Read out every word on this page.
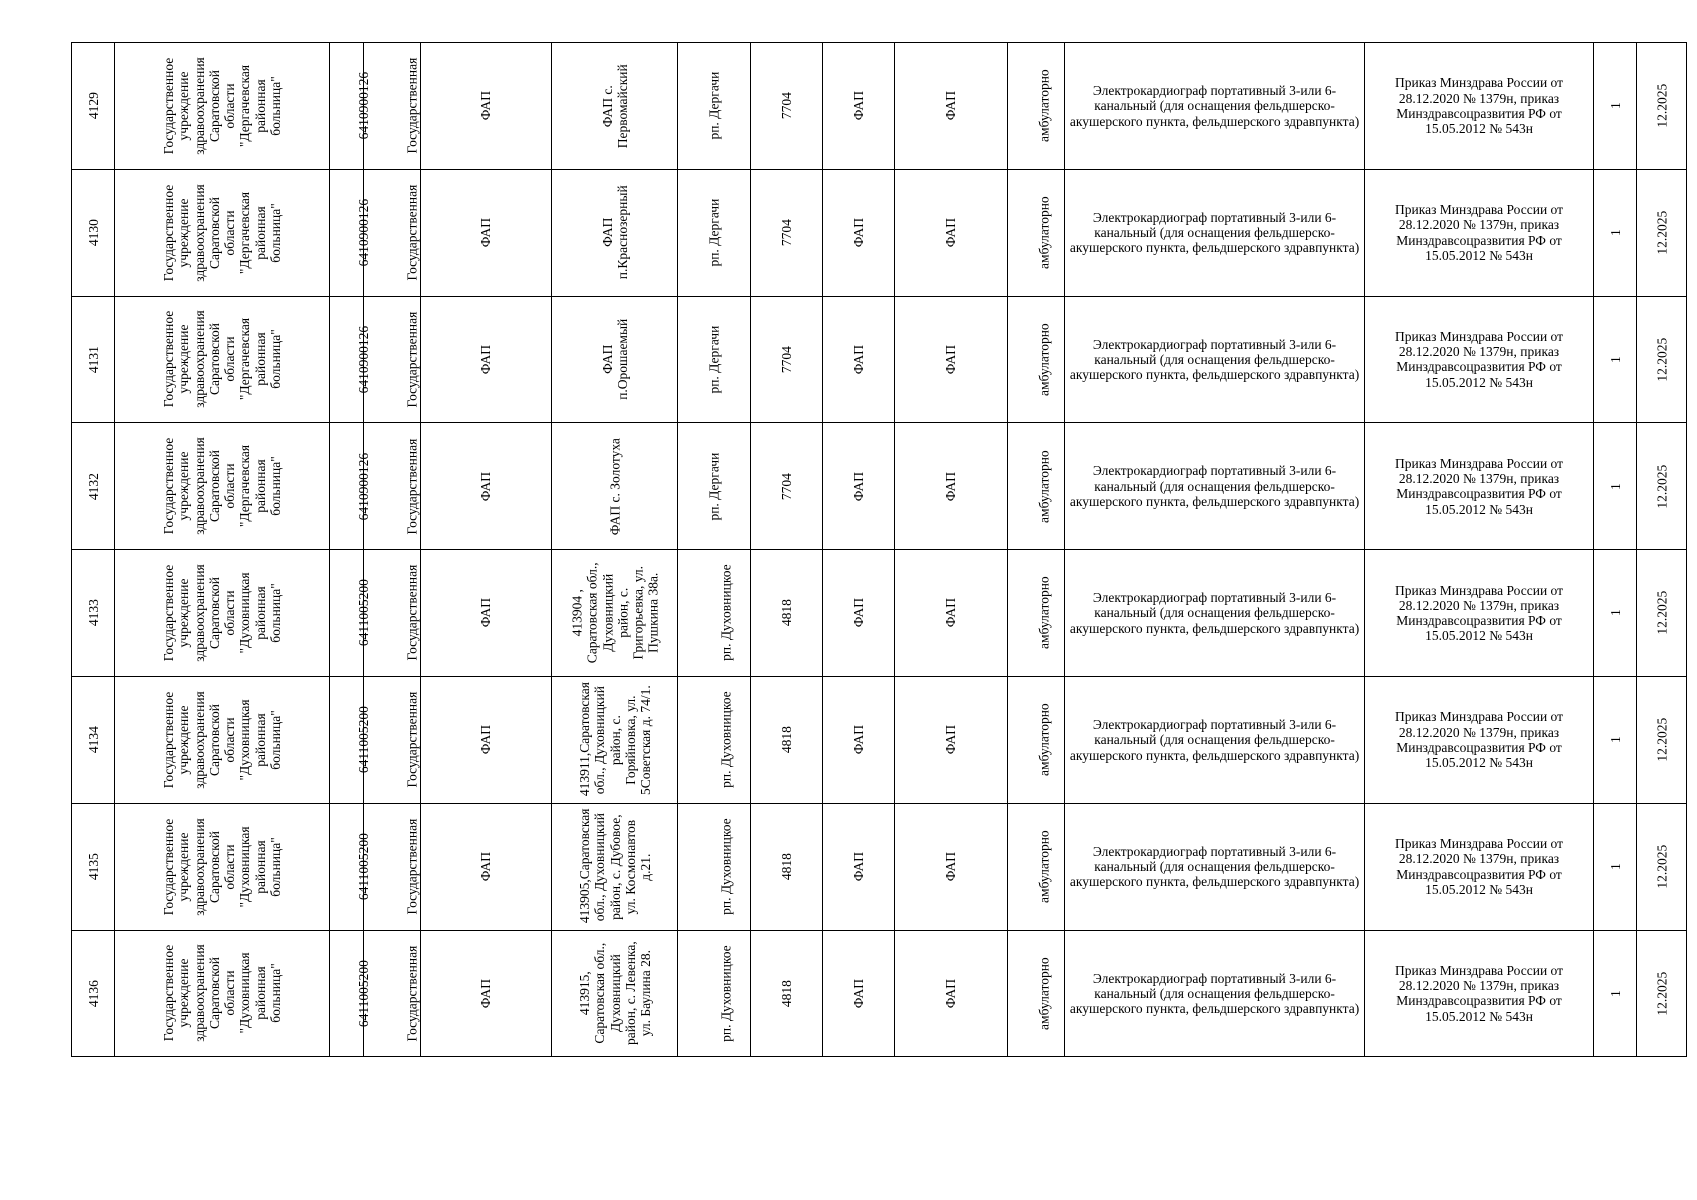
4129	Государственное учреждение здравоохранения Саратовской области "Дергачевская районная больница"	6410900126	Государственная	ФАП	ФАП с. Первомайский	рп. Дергачи	7704	ФАП	ФАП	амбулаторно	Электрокардиограф портативный 3-или 6-канальный (для оснащения фельдшерско-акушерского пункта, фельдшерского здравпункта)	Приказ Минздрава России от 28.12.2020 № 1379н, приказ Минздравсоцразвития РФ от 15.05.2012 № 543н	1	12.2025
4130	Государственное учреждение здравоохранения Саратовской области "Дергачевская районная больница"	6410900126	Государственная	ФАП	ФАП п.Краснозерный	рп. Дергачи	7704	ФАП	ФАП	амбулаторно	Электрокардиограф портативный 3-или 6-канальный (для оснащения фельдшерско-акушерского пункта, фельдшерского здравпункта)	Приказ Минздрава России от 28.12.2020 № 1379н, приказ Минздравсоцразвития РФ от 15.05.2012 № 543н	1	12.2025
4131	Государственное учреждение здравоохранения Саратовской области "Дергачевская районная больница"	6410900126	Государственная	ФАП	ФАП п.Орошаемый	рп. Дергачи	7704	ФАП	ФАП	амбулаторно	Электрокардиограф портативный 3-или 6-канальный (для оснащения фельдшерско-акушерского пункта, фельдшерского здравпункта)	Приказ Минздрава России от 28.12.2020 № 1379н, приказ Минздравсоцразвития РФ от 15.05.2012 № 543н	1	12.2025
4132	Государственное учреждение здравоохранения Саратовской области "Дергачевская районная больница"	6410900126	Государственная	ФАП	ФАП с. Золотуха	рп. Дергачи	7704	ФАП	ФАП	амбулаторно	Электрокардиограф портативный 3-или 6-канальный (для оснащения фельдшерско-акушерского пункта, фельдшерского здравпункта)	Приказ Минздрава России от 28.12.2020 № 1379н, приказ Минздравсоцразвития РФ от 15.05.2012 № 543н	1	12.2025
4133	Государственное учреждение здравоохранения Саратовской области "Духовницкая районная больница"	6411005200	Государственная	ФАП	413904 , Саратовская обл., Духовницкий район, с. Григорьевка, ул. Пушкина 38а.	рп. Духовницкое	4818	ФАП	ФАП	амбулаторно	Электрокардиограф портативный 3-или 6-канальный (для оснащения фельдшерско-акушерского пункта, фельдшерского здравпункта)	Приказ Минздрава России от 28.12.2020 № 1379н, приказ Минздравсоцразвития РФ от 15.05.2012 № 543н	1	12.2025
4134	Государственное учреждение здравоохранения Саратовской области "Духовницкая районная больница"	6411005200	Государственная	ФАП	413911,Саратовская обл., Духовницкий район, с. Горяйновка, ул. 5Советская д. 74/1.	рп. Духовницкое	4818	ФАП	ФАП	амбулаторно	Электрокардиограф портативный 3-или 6-канальный (для оснащения фельдшерско-акушерского пункта, фельдшерского здравпункта)	Приказ Минздрава России от 28.12.2020 № 1379н, приказ Минздравсоцразвития РФ от 15.05.2012 № 543н	1	12.2025
4135	Государственное учреждение здравоохранения Саратовской области "Духовницкая районная больница"	6411005200	Государственная	ФАП	413905,Саратовская обл., Духовницкий район, с. Дубовое, ул. Космонавтов д.21.	рп. Духовницкое	4818	ФАП	ФАП	амбулаторно	Электрокардиограф портативный 3-или 6-канальный (для оснащения фельдшерско-акушерского пункта, фельдшерского здравпункта)	Приказ Минздрава России от 28.12.2020 № 1379н, приказ Минздравсоцразвития РФ от 15.05.2012 № 543н	1	12.2025
4136	Государственное учреждение здравоохранения Саратовской области "Духовницкая районная больница"	6411005200	Государственная	ФАП	413915, Саратовская обл., Духовницкий район, с. Левенка, ул. Баулина 28.	рп. Духовницкое	4818	ФАП	ФАП	амбулаторно	Электрокардиограф портативный 3-или 6-канальный (для оснащения фельдшерско-акушерского пункта, фельдшерского здравпункта)	Приказ Минздрава России от 28.12.2020 № 1379н, приказ Минздравсоцразвития РФ от 15.05.2012 № 543н	1	12.2025
